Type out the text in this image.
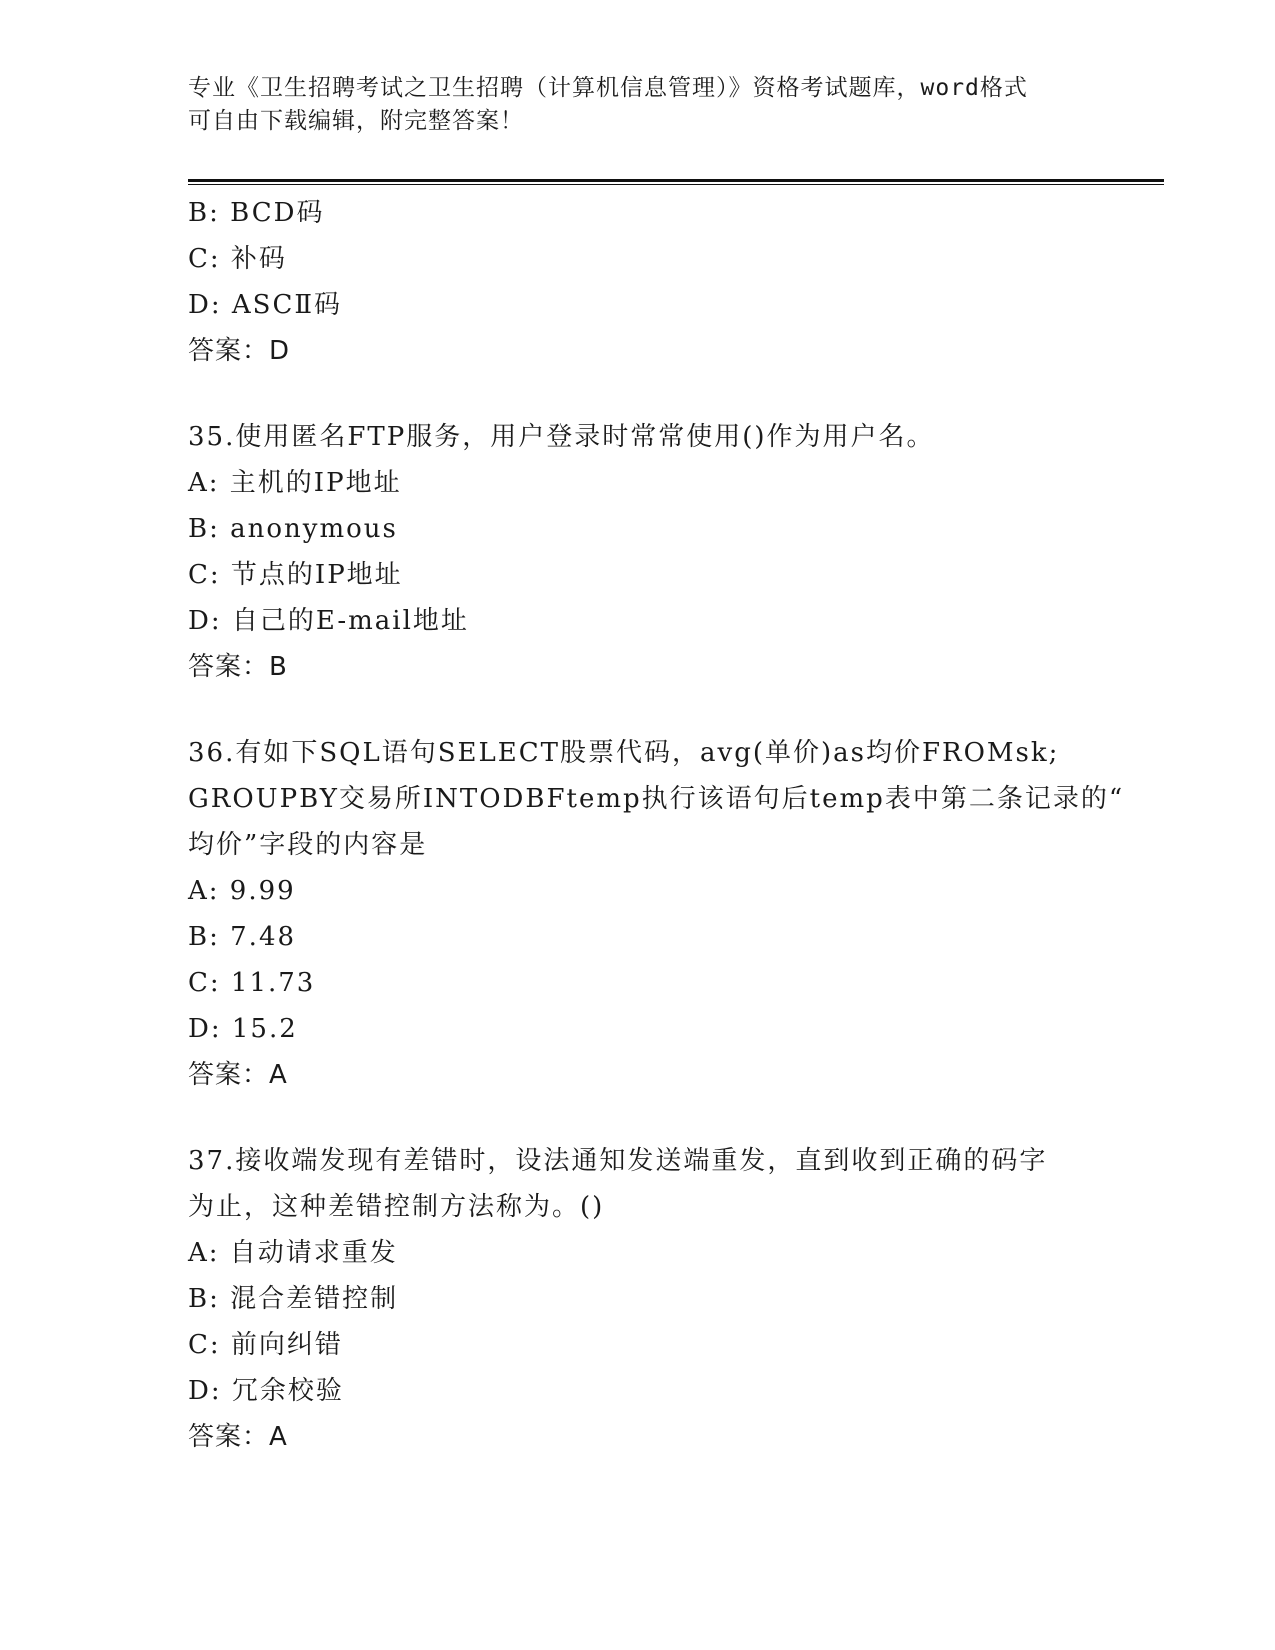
专业《卫生招聘考试之卫生招聘（计算机信息管理）》资格考试题库，word格式
可自由下载编辑，附完整答案！
B: BCD码
C: 补码
D: ASCⅡ码
答案：D
35.使用匿名FTP服务，用户登录时常常使用()作为用户名。
A: 主机的IP地址
B: anonymous
C: 节点的IP地址
D: 自己的E-mail地址
答案：B
36.有如下SQL语句SELECT股票代码，avg(单价)as均价FROMsk;
GROUPBY交易所INTODBFtemp执行该语句后temp表中第二条记录的“
均价”字段的内容是
A: 9.99
B: 7.48
C: 11.73
D: 15.2
答案：A
37.接收端发现有差错时，设法通知发送端重发，直到收到正确的码字
为止，这种差错控制方法称为。()
A: 自动请求重发
B: 混合差错控制
C: 前向纠错
D: 冗余校验
答案：A
